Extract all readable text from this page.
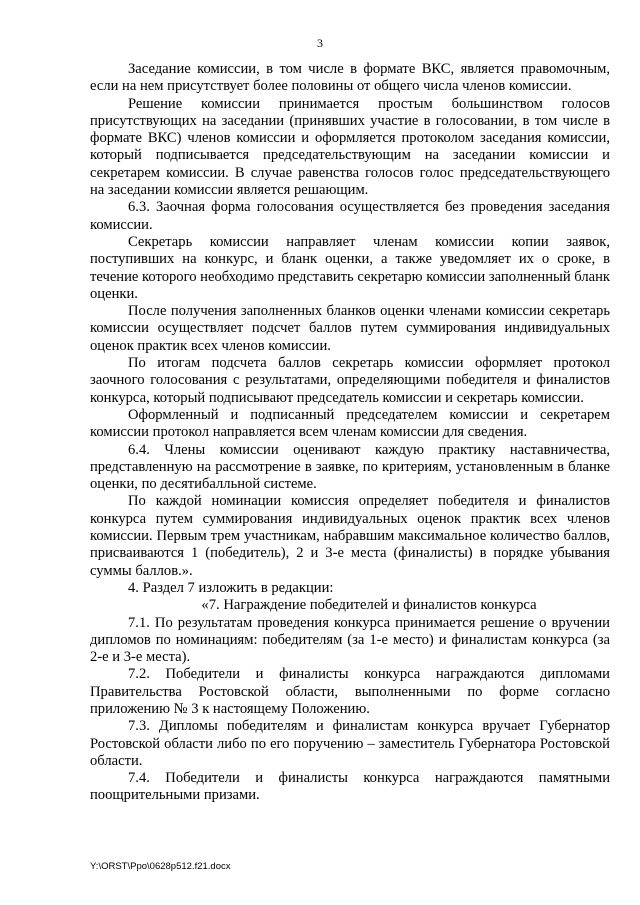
3

Заседание комиссии, в том числе в формате ВКС, является правомочным, если на нем присутствует более половины от общего числа членов комиссии.

Решение комиссии принимается простым большинством голосов присутствующих на заседании (принявших участие в голосовании, в том числе в формате ВКС) членов комиссии и оформляется протоколом заседания комиссии, который подписывается председательствующим на заседании комиссии и секретарем комиссии. В случае равенства голосов голос председательствующего на заседании комиссии является решающим.

6.3. Заочная форма голосования осуществляется без проведения заседания комиссии.

Секретарь комиссии направляет членам комиссии копии заявок, поступивших на конкурс, и бланк оценки, а также уведомляет их о сроке, в течение которого необходимо представить секретарю комиссии заполненный бланк оценки.

После получения заполненных бланков оценки членами комиссии секретарь комиссии осуществляет подсчет баллов путем суммирования индивидуальных оценок практик всех членов комиссии.

По итогам подсчета баллов секретарь комиссии оформляет протокол заочного голосования с результатами, определяющими победителя и финалистов конкурса, который подписывают председатель комиссии и секретарь комиссии.

Оформленный и подписанный председателем комиссии и секретарем комиссии протокол направляется всем членам комиссии для сведения.

6.4. Члены комиссии оценивают каждую практику наставничества, представленную на рассмотрение в заявке, по критериям, установленным в бланке оценки, по десятибалльной системе.

По каждой номинации комиссия определяет победителя и финалистов конкурса путем суммирования индивидуальных оценок практик всех членов комиссии. Первым трем участникам, набравшим максимальное количество баллов, присваиваются 1 (победитель), 2 и 3-е места (финалисты) в порядке убывания суммы баллов.».

4. Раздел 7 изложить в редакции:

«7. Награждение победителей и финалистов конкурса

7.1. По результатам проведения конкурса принимается решение о вручении дипломов по номинациям: победителям (за 1-е место) и финалистам конкурса (за 2-е и 3-е места).

7.2. Победители и финалисты конкурса награждаются дипломами Правительства Ростовской области, выполненными по форме согласно приложению № 3 к настоящему Положению.

7.3. Дипломы победителям и финалистам конкурса вручает Губернатор Ростовской области либо по его поручению – заместитель Губернатора Ростовской области.

7.4. Победители и финалисты конкурса награждаются памятными поощрительными призами.

Y:\ORST\Ppo\0628p512.f21.docx
